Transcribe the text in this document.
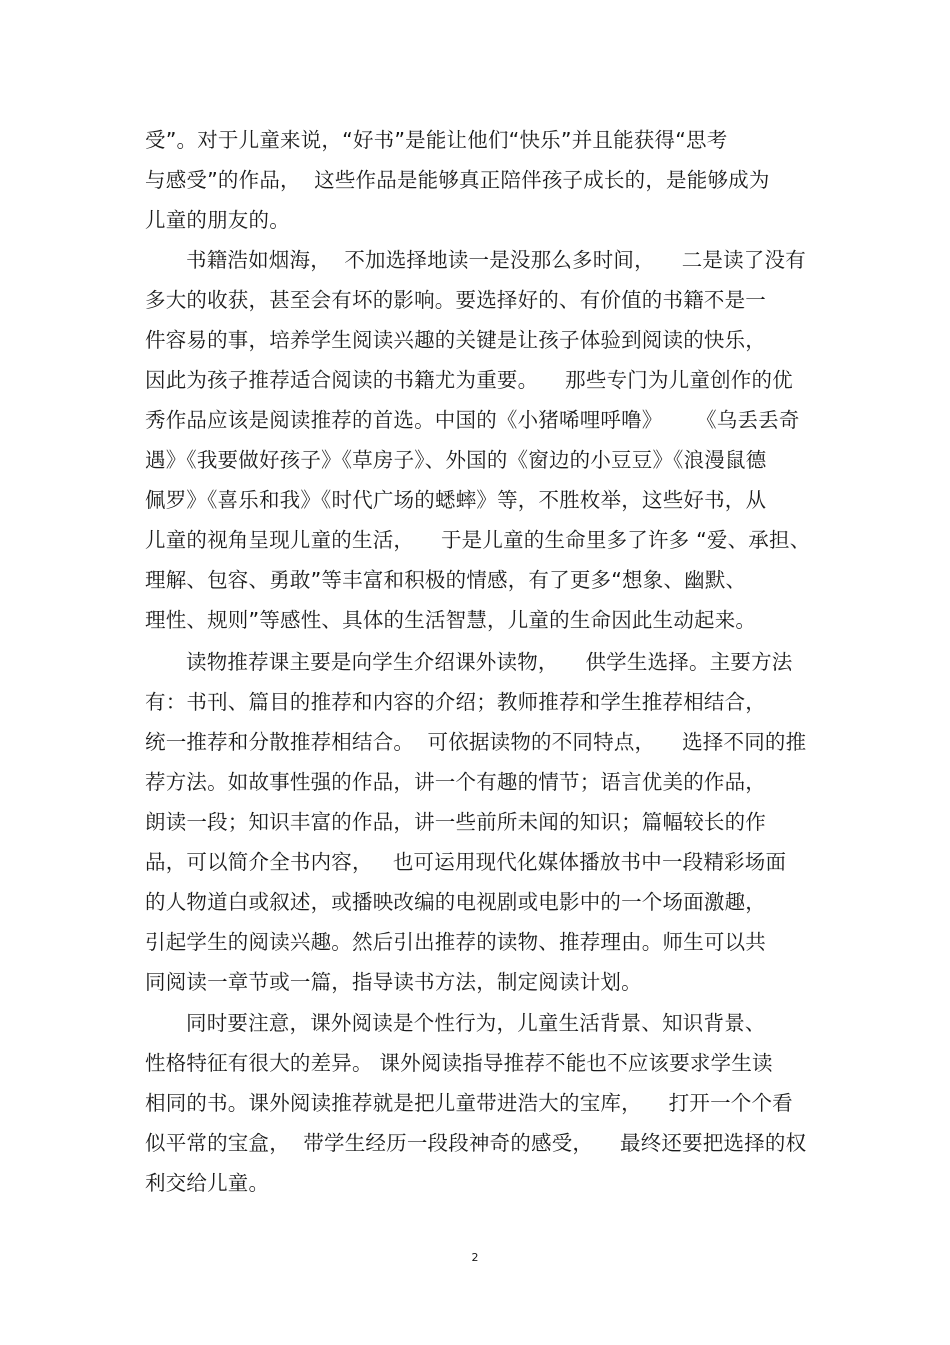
受”。对于儿童来说，“好书”是能让他们“快乐”并且能获得“思考
与感受”的作品，  这些作品是能够真正陪伴孩子成长的，是能够成为
儿童的朋友的。
书籍浩如烟海，  不加选择地读一是没那么多时间，    二是读了没有
多大的收获，甚至会有坏的影响。要选择好的、有价值的书籍不是一
件容易的事，培养学生阅读兴趣的关键是让孩子体验到阅读的快乐，
因此为孩子推荐适合阅读的书籍尤为重要。    那些专门为儿童创作的优
秀作品应该是阅读推荐的首选。中国的《小猪唏哩呼噜》     《乌丢丢奇
遇》《我要做好孩子》《草房子》、外国的《窗边的小豆豆》《浪漫鼠德
佩罗》《喜乐和我》《时代广场的蟋蟀》等，不胜枚举，这些好书，从
儿童的视角呈现儿童的生活，    于是儿童的生命里多了许多 “爱、承担、
理解、包容、勇敢”等丰富和积极的情感，有了更多“想象、幽默、
理性、规则”等感性、具体的生活智慧，儿童的生命因此生动起来。
读物推荐课主要是向学生介绍课外读物，    供学生选择。主要方法
有：书刊、篇目的推荐和内容的介绍；教师推荐和学生推荐相结合，
统一推荐和分散推荐相结合。  可依据读物的不同特点，    选择不同的推
荐方法。如故事性强的作品，讲一个有趣的情节；语言优美的作品，
朗读一段；知识丰富的作品，讲一些前所未闻的知识；篇幅较长的作
品，可以简介全书内容，   也可运用现代化媒体播放书中一段精彩场面
的人物道白或叙述，或播映改编的电视剧或电影中的一个场面激趣，
引起学生的阅读兴趣。然后引出推荐的读物、推荐理由。师生可以共
同阅读一章节或一篇，指导读书方法，制定阅读计划。
同时要注意，课外阅读是个性行为，儿童生活背景、知识背景、
性格特征有很大的差异。 课外阅读指导推荐不能也不应该要求学生读
相同的书。课外阅读推荐就是把儿童带进浩大的宝库，    打开一个个看
似平常的宝盒，  带学生经历一段段神奇的感受，    最终还要把选择的权
利交给儿童。
2
